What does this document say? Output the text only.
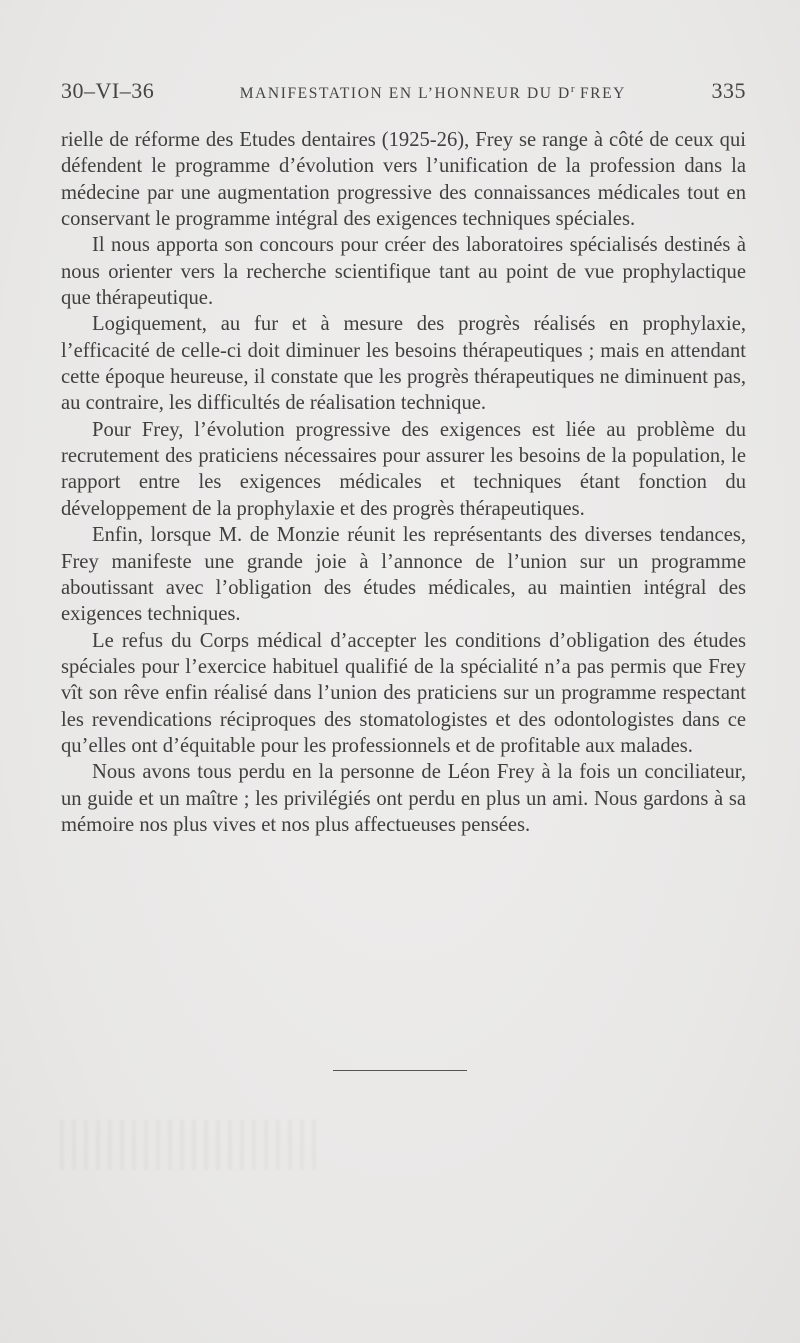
30–VI–36	MANIFESTATION EN L’HONNEUR DU $D^r$ FREY	335

rielle de réforme des Etudes dentaires (1925-26), Frey se range à côté de ceux qui défendent le programme d’évolution vers l’unification de la profession dans la médecine par une augmentation progressive des connaissances médicales tout en conservant le programme intégral des exigences techniques spéciales.

Il nous apporta son concours pour créer des laboratoires spécialisés destinés à nous orienter vers la recherche scientifique tant au point de vue prophylactique que thérapeutique.

Logiquement, au fur et à mesure des progrès réalisés en prophylaxie, l’efficacité de celle-ci doit diminuer les besoins thérapeutiques ; mais en attendant cette époque heureuse, il constate que les progrès thérapeutiques ne diminuent pas, au contraire, les difficultés de réalisation technique.

Pour Frey, l’évolution progressive des exigences est liée au problème du recrutement des praticiens nécessaires pour assurer les besoins de la population, le rapport entre les exigences médicales et techniques étant fonction du développement de la prophylaxie et des progrès thérapeutiques.

Enfin, lorsque M. de Monzie réunit les représentants des diverses tendances, Frey manifeste une grande joie à l’annonce de l’union sur un programme aboutissant avec l’obligation des études médicales, au maintien intégral des exigences techniques.

Le refus du Corps médical d’accepter les conditions d’obligation des études spéciales pour l’exercice habituel qualifié de la spécialité n’a pas permis que Frey vît son rêve enfin réalisé dans l’union des praticiens sur un programme respectant les revendications réciproques des stomatologistes et des odontologistes dans ce qu’elles ont d’équitable pour les professionnels et de profitable aux malades.

Nous avons tous perdu en la personne de Léon Frey à la fois un conciliateur, un guide et un maître ; les privilégiés ont perdu en plus un ami. Nous gardons à sa mémoire nos plus vives et nos plus affectueuses pensées.
